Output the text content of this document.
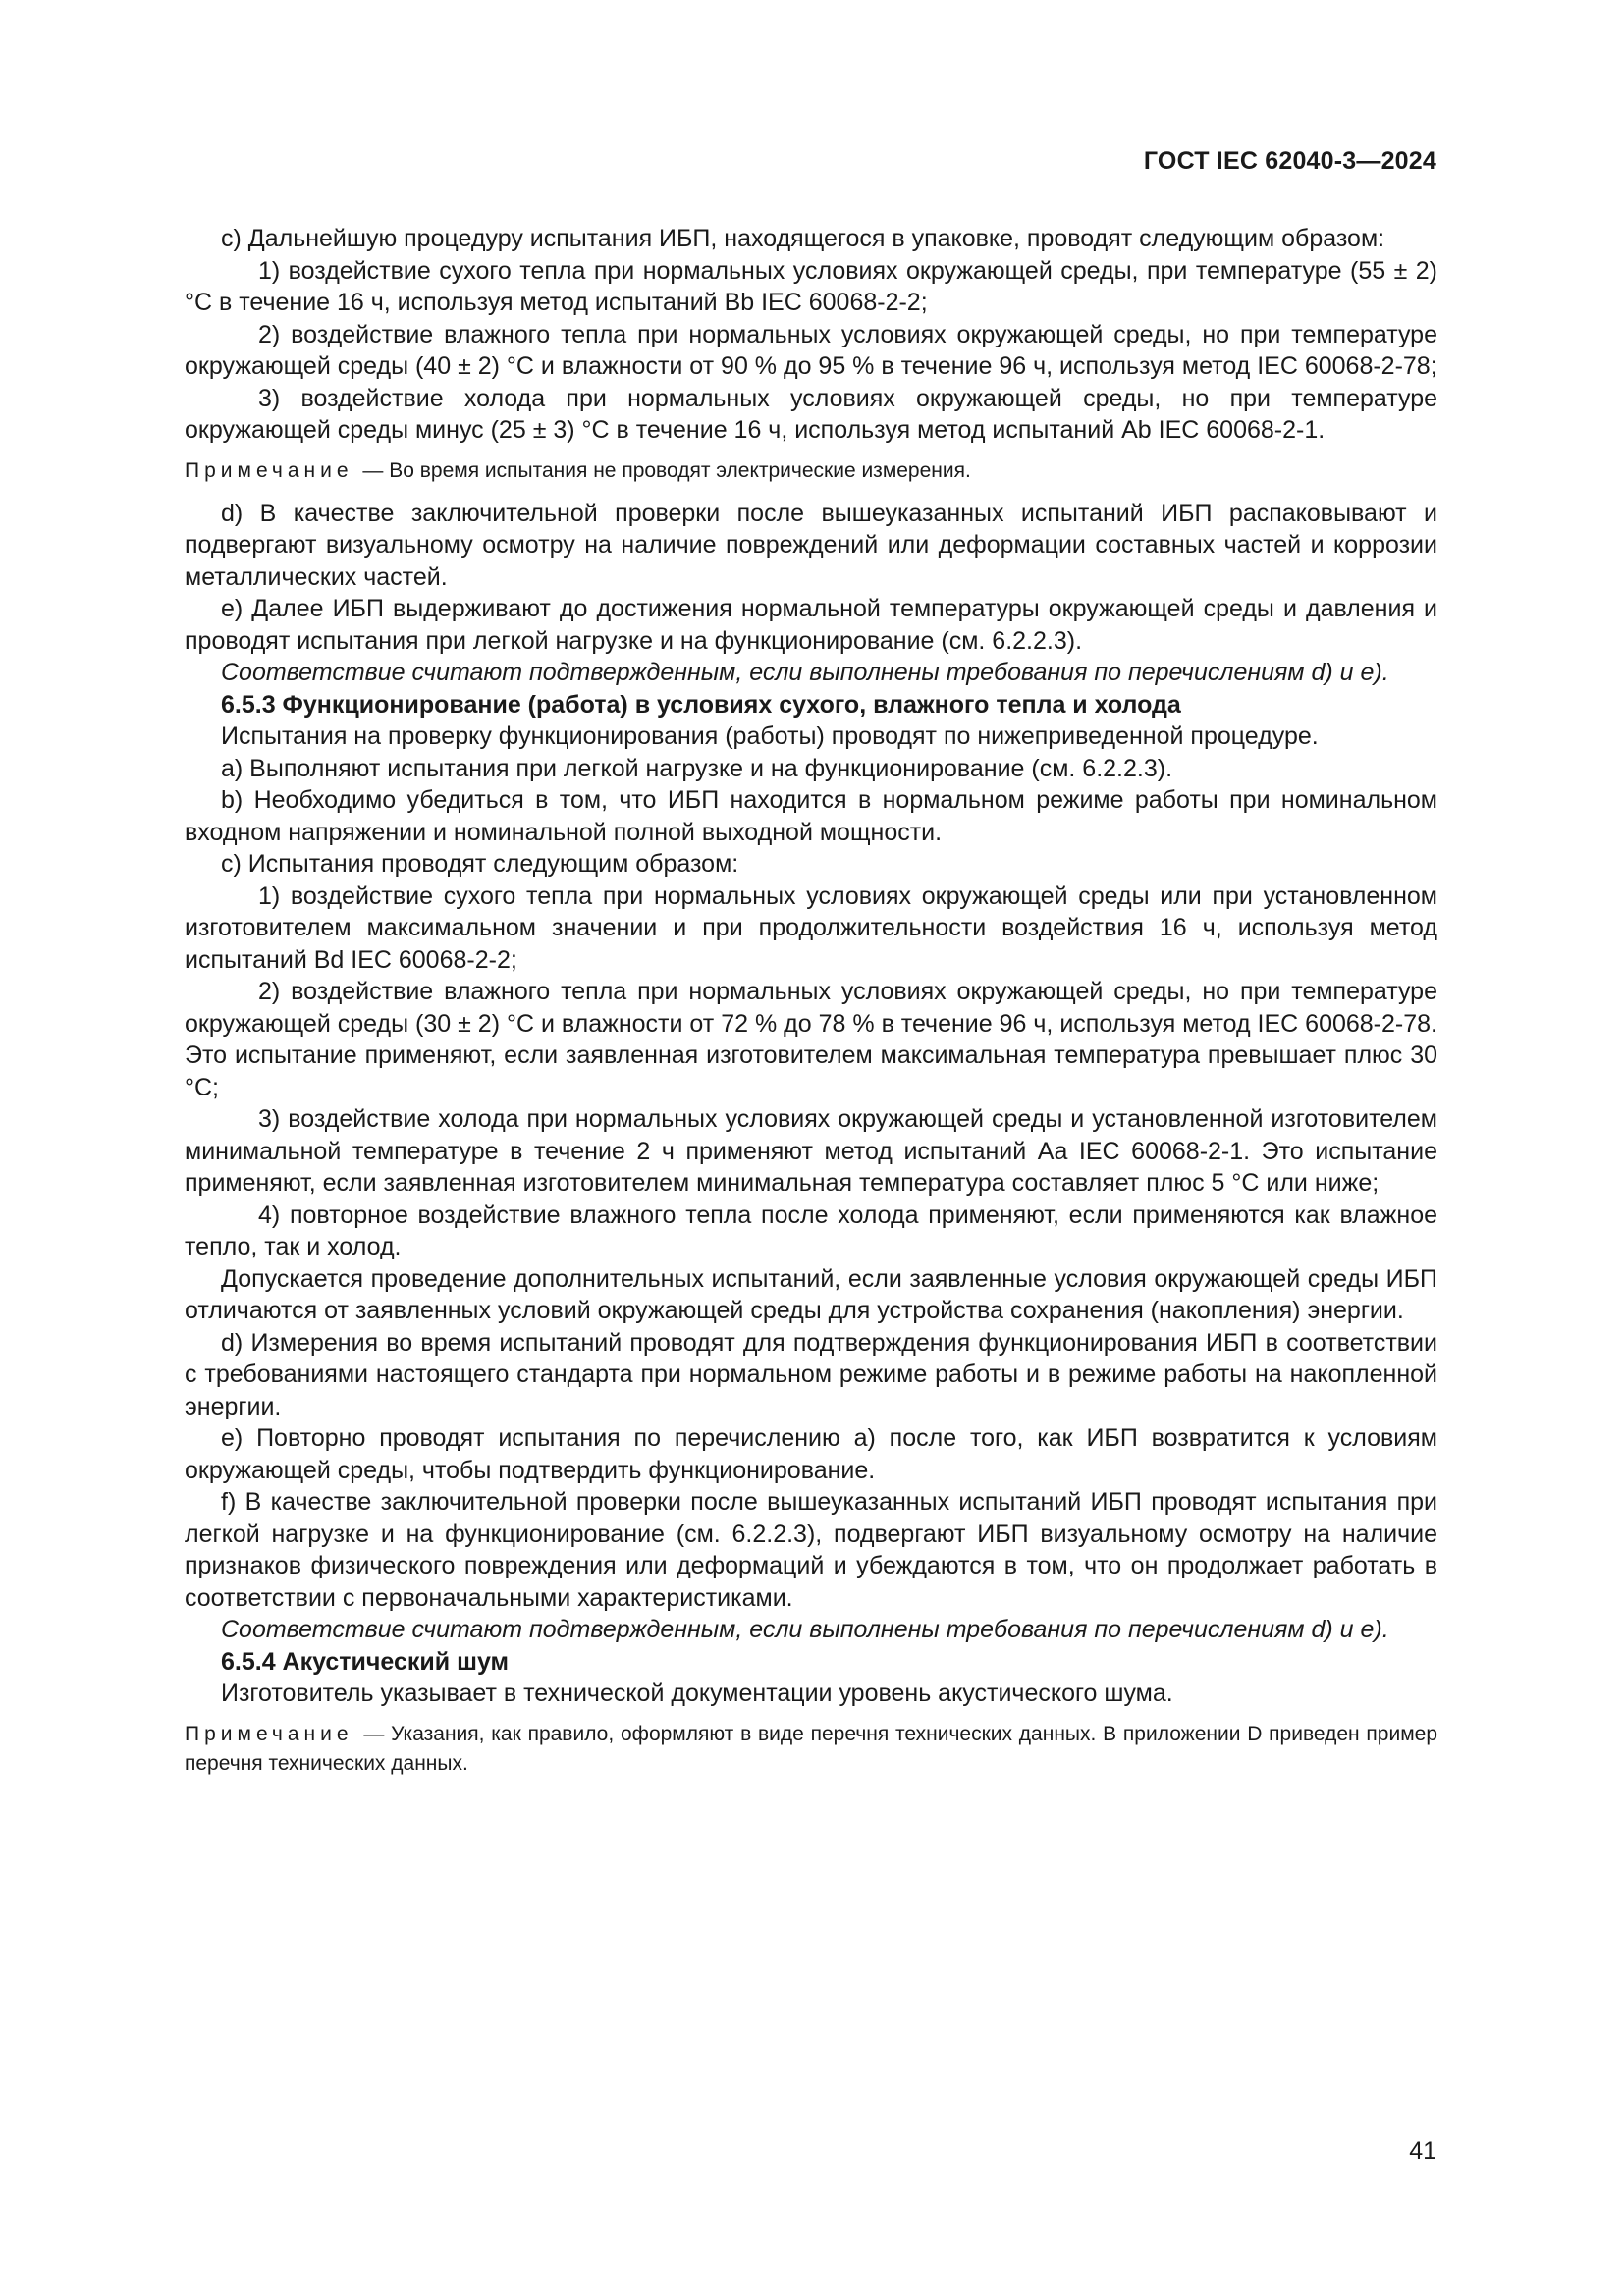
ГОСТ IEC 62040-3—2024

c) Дальнейшую процедуру испытания ИБП, находящегося в упаковке, проводят следующим образом:

1) воздействие сухого тепла при нормальных условиях окружающей среды, при температуре (55 ± 2) °С в течение 16 ч, используя метод испытаний Bb IEC 60068-2-2;

2) воздействие влажного тепла при нормальных условиях окружающей среды, но при температуре окружающей среды (40 ± 2) °С и влажности от 90 % до 95 % в течение 96 ч, используя метод IEC 60068-2-78;

3) воздействие холода при нормальных условиях окружающей среды, но при температуре окружающей среды минус (25 ± 3) °С в течение 16 ч, используя метод испытаний Ab IEC 60068-2-1.

Примечание — Во время испытания не проводят электрические измерения.

d) В качестве заключительной проверки после вышеуказанных испытаний ИБП распаковывают и подвергают визуальному осмотру на наличие повреждений или деформации составных частей и коррозии металлических частей.

e) Далее ИБП выдерживают до достижения нормальной температуры окружающей среды и давления и проводят испытания при легкой нагрузке и на функционирование (см. 6.2.2.3).

Соответствие считают подтвержденным, если выполнены требования по перечислениям d) и e).

6.5.3 Функционирование (работа) в условиях сухого, влажного тепла и холода

Испытания на проверку функционирования (работы) проводят по нижеприведенной процедуре.

a) Выполняют испытания при легкой нагрузке и на функционирование (см. 6.2.2.3).

b) Необходимо убедиться в том, что ИБП находится в нормальном режиме работы при номинальном входном напряжении и номинальной полной выходной мощности.

c) Испытания проводят следующим образом:

1) воздействие сухого тепла при нормальных условиях окружающей среды или при установленном изготовителем максимальном значении и при продолжительности воздействия 16 ч, используя метод испытаний Bd IEC 60068-2-2;

2) воздействие влажного тепла при нормальных условиях окружающей среды, но при температуре окружающей среды (30 ± 2) °С и влажности от 72 % до 78 % в течение 96 ч, используя метод IEC 60068-2-78. Это испытание применяют, если заявленная изготовителем максимальная температура превышает плюс 30 °С;

3) воздействие холода при нормальных условиях окружающей среды и установленной изготовителем минимальной температуре в течение 2 ч применяют метод испытаний Aa IEC 60068-2-1. Это испытание применяют, если заявленная изготовителем минимальная температура составляет плюс 5 °С или ниже;

4) повторное воздействие влажного тепла после холода применяют, если применяются как влажное тепло, так и холод.

Допускается проведение дополнительных испытаний, если заявленные условия окружающей среды ИБП отличаются от заявленных условий окружающей среды для устройства сохранения (накопления) энергии.

d) Измерения во время испытаний проводят для подтверждения функционирования ИБП в соответствии с требованиями настоящего стандарта при нормальном режиме работы и в режиме работы на накопленной энергии.

e) Повторно проводят испытания по перечислению a) после того, как ИБП возвратится к условиям окружающей среды, чтобы подтвердить функционирование.

f) В качестве заключительной проверки после вышеуказанных испытаний ИБП проводят испытания при легкой нагрузке и на функционирование (см. 6.2.2.3), подвергают ИБП визуальному осмотру на наличие признаков физического повреждения или деформаций и убеждаются в том, что он продолжает работать в соответствии с первоначальными характеристиками.

Соответствие считают подтвержденным, если выполнены требования по перечислениям d) и e).

6.5.4 Акустический шум

Изготовитель указывает в технической документации уровень акустического шума.

Примечание — Указания, как правило, оформляют в виде перечня технических данных. В приложении D приведен пример перечня технических данных.

41
